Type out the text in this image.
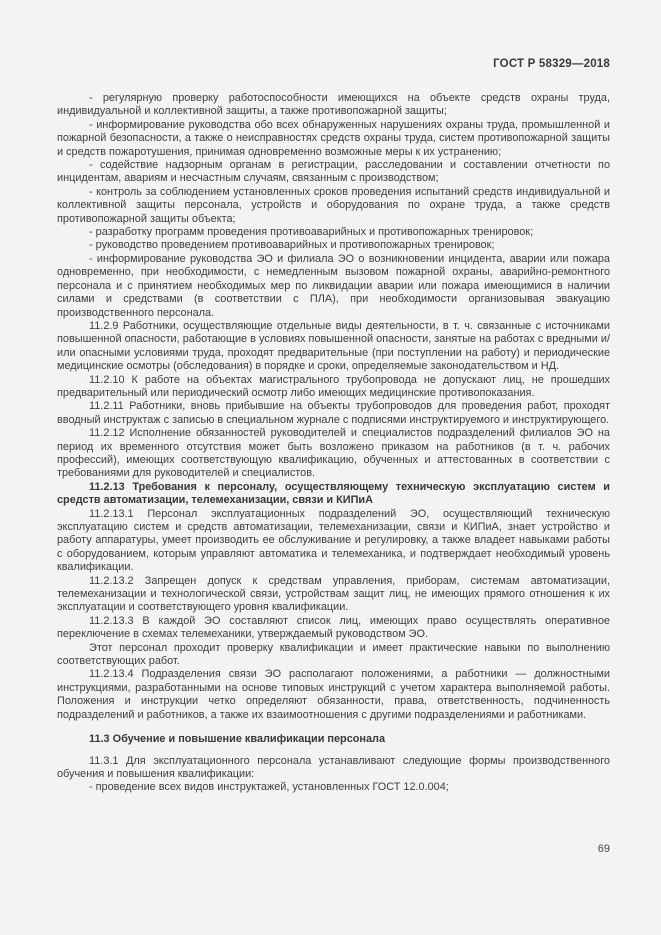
ГОСТ Р 58329—2018

- регулярную проверку работоспособности имеющихся на объекте средств охраны труда, индивидуальной и коллективной защиты, а также противопожарной защиты;

- информирование руководства обо всех обнаруженных нарушениях охраны труда, промышленной и пожарной безопасности, а также о неисправностях средств охраны труда, систем противопожарной защиты и средств пожаротушения, принимая одновременно возможные меры к их устранению;

- содействие надзорным органам в регистрации, расследовании и составлении отчетности по инцидентам, авариям и несчастным случаям, связанным с производством;

- контроль за соблюдением установленных сроков проведения испытаний средств индивидуальной и коллективной защиты персонала, устройств и оборудования по охране труда, а также средств противопожарной защиты объекта;

- разработку программ проведения противоаварийных и противопожарных тренировок;

- руководство проведением противоаварийных и противопожарных тренировок;

- информирование руководства ЭО и филиала ЭО о возникновении инцидента, аварии или пожара одновременно, при необходимости, с немедленным вызовом пожарной охраны, аварийно-ремонтного персонала и с принятием необходимых мер по ликвидации аварии или пожара имеющимися в наличии силами и средствами (в соответствии с ПЛА), при необходимости организовывая эвакуацию производственного персонала.

11.2.9 Работники, осуществляющие отдельные виды деятельности, в т. ч. связанные с источниками повышенной опасности, работающие в условиях повышенной опасности, занятые на работах с вредными и/или опасными условиями труда, проходят предварительные (при поступлении на работу) и периодические медицинские осмотры (обследования) в порядке и сроки, определяемые законодательством и НД.

11.2.10 К работе на объектах магистрального трубопровода не допускают лиц, не прошедших предварительный или периодический осмотр либо имеющих медицинские противопоказания.

11.2.11 Работники, вновь прибывшие на объекты трубопроводов для проведения работ, проходят вводный инструктаж с записью в специальном журнале с подписями инструктируемого и инструктирующего.

11.2.12 Исполнение обязанностей руководителей и специалистов подразделений филиалов ЭО на период их временного отсутствия может быть возложено приказом на работников (в т. ч. рабочих профессий), имеющих соответствующую квалификацию, обученных и аттестованных в соответствии с требованиями для руководителей и специалистов.

11.2.13 Требования к персоналу, осуществляющему техническую эксплуатацию систем и средств автоматизации, телемеханизации, связи и КИПиА

11.2.13.1 Персонал эксплуатационных подразделений ЭО, осуществляющий техническую эксплуатацию систем и средств автоматизации, телемеханизации, связи и КИПиА, знает устройство и работу аппаратуры, умеет производить ее обслуживание и регулировку, а также владеет навыками работы с оборудованием, которым управляют автоматика и телемеханика, и подтверждает необходимый уровень квалификации.

11.2.13.2 Запрещен допуск к средствам управления, приборам, системам автоматизации, телемеханизации и технологической связи, устройствам защит лиц, не имеющих прямого отношения к их эксплуатации и соответствующего уровня квалификации.

11.2.13.3 В каждой ЭО составляют список лиц, имеющих право осуществлять оперативное переключение в схемах телемеханики, утверждаемый руководством ЭО.

Этот персонал проходит проверку квалификации и имеет практические навыки по выполнению соответствующих работ.

11.2.13.4 Подразделения связи ЭО располагают положениями, а работники — должностными инструкциями, разработанными на основе типовых инструкций с учетом характера выполняемой работы. Положения и инструкции четко определяют обязанности, права, ответственность, подчиненность подразделений и работников, а также их взаимоотношения с другими подразделениями и работниками.

11.3 Обучение и повышение квалификации персонала

11.3.1 Для эксплуатационного персонала устанавливают следующие формы производственного обучения и повышения квалификации:

- проведение всех видов инструктажей, установленных ГОСТ 12.0.004;

69
